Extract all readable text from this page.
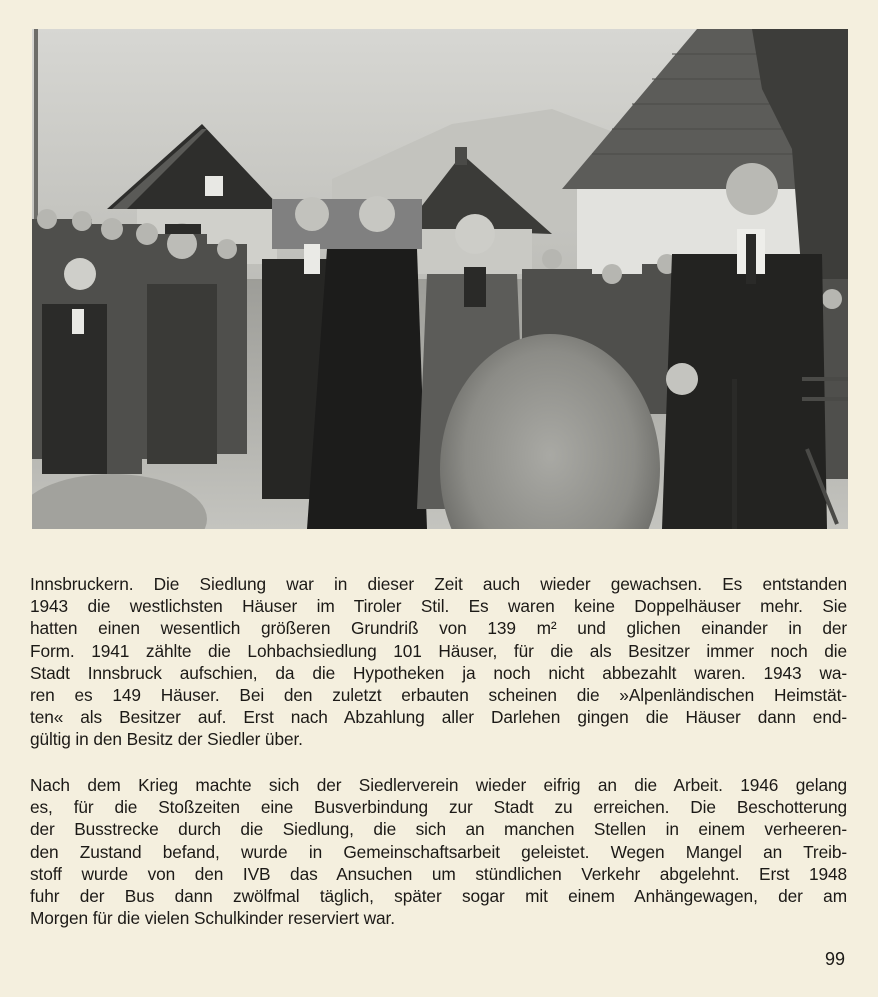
Innsbruckern. Die Siedlung war in dieser Zeit auch wieder gewachsen. Es entstanden
1943 die westlichsten Häuser im Tiroler Stil. Es waren keine Doppelhäuser mehr. Sie
hatten einen wesentlich größeren Grundriß von 139 m² und glichen einander in der
Form. 1941 zählte die Lohbachsiedlung 101 Häuser, für die als Besitzer immer noch die
Stadt Innsbruck aufschien, da die Hypotheken ja noch nicht abbezahlt waren. 1943 wa-
ren es 149 Häuser. Bei den zuletzt erbauten scheinen die »Alpenländischen Heimstät-
ten« als Besitzer auf. Erst nach Abzahlung aller Darlehen gingen die Häuser dann end-
gültig in den Besitz der Siedler über.
Nach dem Krieg machte sich der Siedlerverein wieder eifrig an die Arbeit. 1946 gelang
es, für die Stoßzeiten eine Busverbindung zur Stadt zu erreichen. Die Beschotterung
der Busstrecke durch die Siedlung, die sich an manchen Stellen in einem verheeren-
den Zustand befand, wurde in Gemeinschaftsarbeit geleistet. Wegen Mangel an Treib-
stoff wurde von den IVB das Ansuchen um stündlichen Verkehr abgelehnt. Erst 1948
fuhr der Bus dann zwölfmal täglich, später sogar mit einem Anhängewagen, der am
Morgen für die vielen Schulkinder reserviert war.
99
